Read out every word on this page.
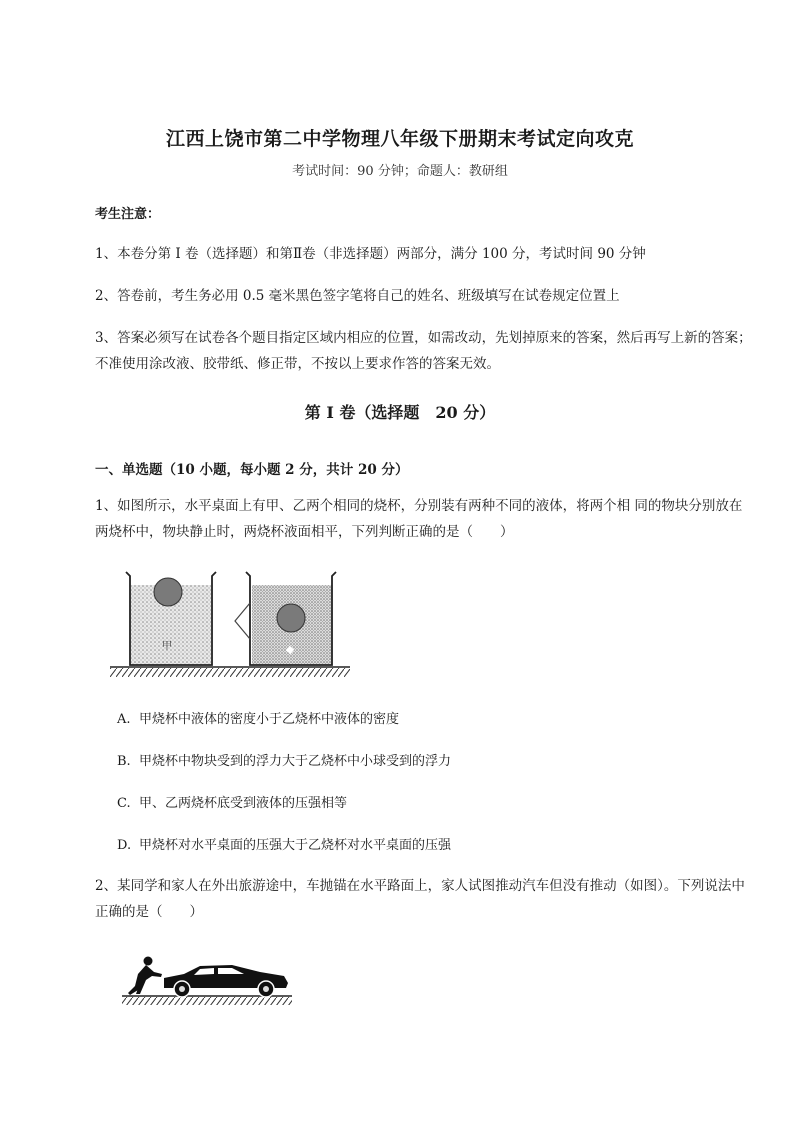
江西上饶市第二中学物理八年级下册期末考试定向攻克
考试时间：90 分钟；命题人：教研组
考生注意：
1、本卷分第 I 卷（选择题）和第Ⅱ卷（非选择题）两部分，满分 100 分，考试时间 90 分钟
2、答卷前，考生务必用 0.5 毫米黑色签字笔将自己的姓名、班级填写在试卷规定位置上
3、答案必须写在试卷各个题目指定区域内相应的位置，如需改动，先划掉原来的答案，然后再写上新的答案；不准使用涂改液、胶带纸、修正带，不按以上要求作答的答案无效。
第 I 卷（选择题　20 分）
一、单选题（10 小题，每小题 2 分，共计 20 分）
1、如图所示，水平桌面上有甲、乙两个相同的烧杯，分别装有两种不同的液体，将两个相 同的物块分别放在两烧杯中，物块静止时，两烧杯液面相平，下列判断正确的是（　　）
甲
A. 甲烧杯中液体的密度小于乙烧杯中液体的密度
B. 甲烧杯中物块受到的浮力大于乙烧杯中小球受到的浮力
C. 甲、乙两烧杯底受到液体的压强相等
D. 甲烧杯对水平桌面的压强大于乙烧杯对水平桌面的压强
2、某同学和家人在外出旅游途中，车抛锚在水平路面上，家人试图推动汽车但没有推动（如图）。下列说法中正确的是（　　）
